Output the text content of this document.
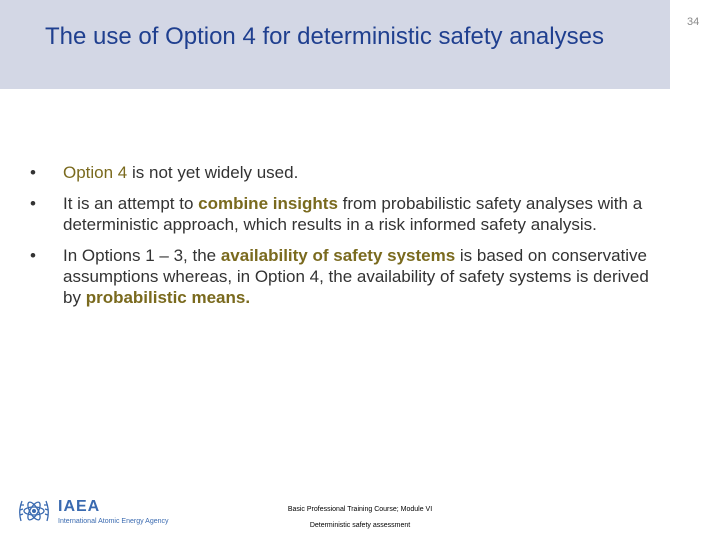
The use of Option 4 for deterministic safety analyses
34
• Option 4 is not yet widely used.
• It is an attempt to combine insights from probabilistic safety analyses with a deterministic approach, which results in a risk informed safety analysis.
• In Options 1 – 3, the availability of safety systems is based on conservative assumptions whereas, in Option 4, the availability of safety systems is derived by probabilistic means.
IAEA
International Atomic Energy Agency
Basic Professional Training Course; Module VI
Deterministic safety assessment
